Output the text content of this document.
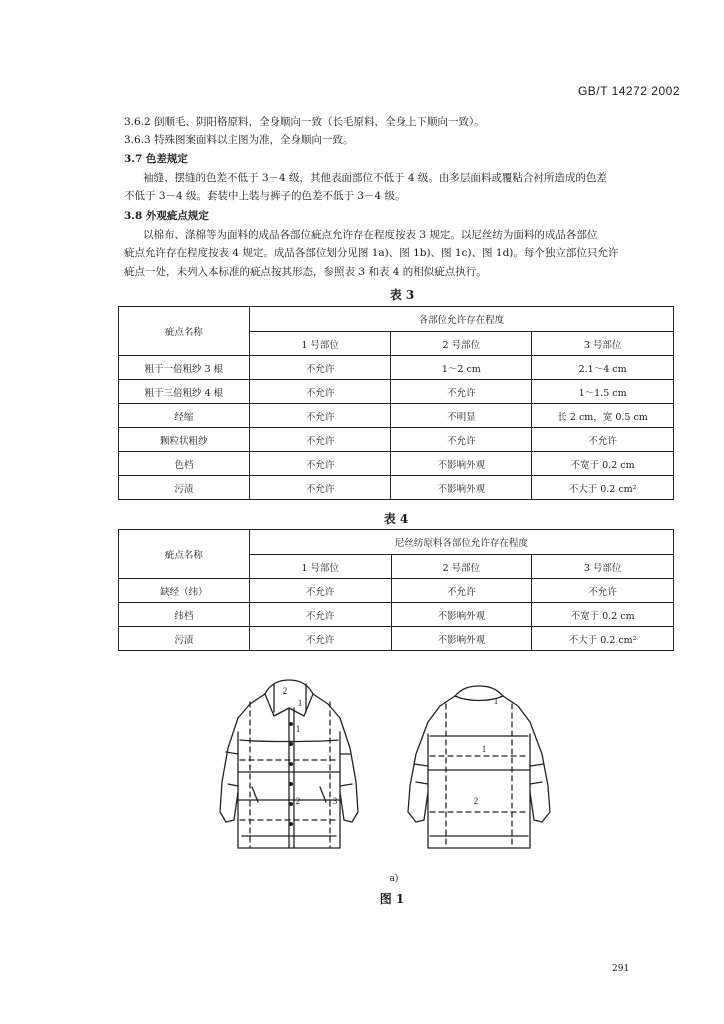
GB/T 14272 2002
3.6.2 倒顺毛、阴阳格原料，全身顺向一致（长毛原料，全身上下顺向一致）。
3.6.3 特殊图案面料以主图为准，全身顺向一致。
3.7 色差规定
袖缝、摆缝的色差不低于 3－4 级，其他表面部位不低于 4 级。由多层面料或覆粘合衬所造成的色差
不低于 3－4 级。套装中上装与裤子的色差不低于 3－4 级。
3.8 外观疵点规定
以棉布、涤棉等为面料的成品各部位疵点允许存在程度按表 3 规定。以尼丝纺为面料的成品各部位
疵点允许存在程度按表 4 规定。成品各部位划分见图 1a)、图 1b)、图 1c)、图 1d)。每个独立部位只允许
疵点一处，未列入本标准的疵点按其形态，参照表 3 和表 4 的相似疵点执行。
表 3
疵点名称	各部位允许存在程度		
	1 号部位	2 号部位	3 号部位
粗于一倍粗纱 3 根	不允许	1～2 cm	2.1～4 cm
粗于三倍粗纱 4 根	不允许	不允许	1～1.5 cm
经缩	不允许	不明显	长 2 cm，宽 0.5 cm
颗粒状粗纱	不允许	不允许	不允许
色档	不允许	不影响外观	不宽于 0.2 cm
污渍	不允许	不影响外观	不大于 0.2 cm²
表 4
疵点名称	尼丝纺原料各部位允许存在程度		
	1 号部位	2 号部位	3 号部位
缺经（纬）	不允许	不允许	不允许
纬档	不允许	不影响外观	不宽于 0.2 cm
污渍	不允许	不影响外观	不大于 0.2 cm²
2
1
1
2	3
1
1
2
a)
图 1
291
